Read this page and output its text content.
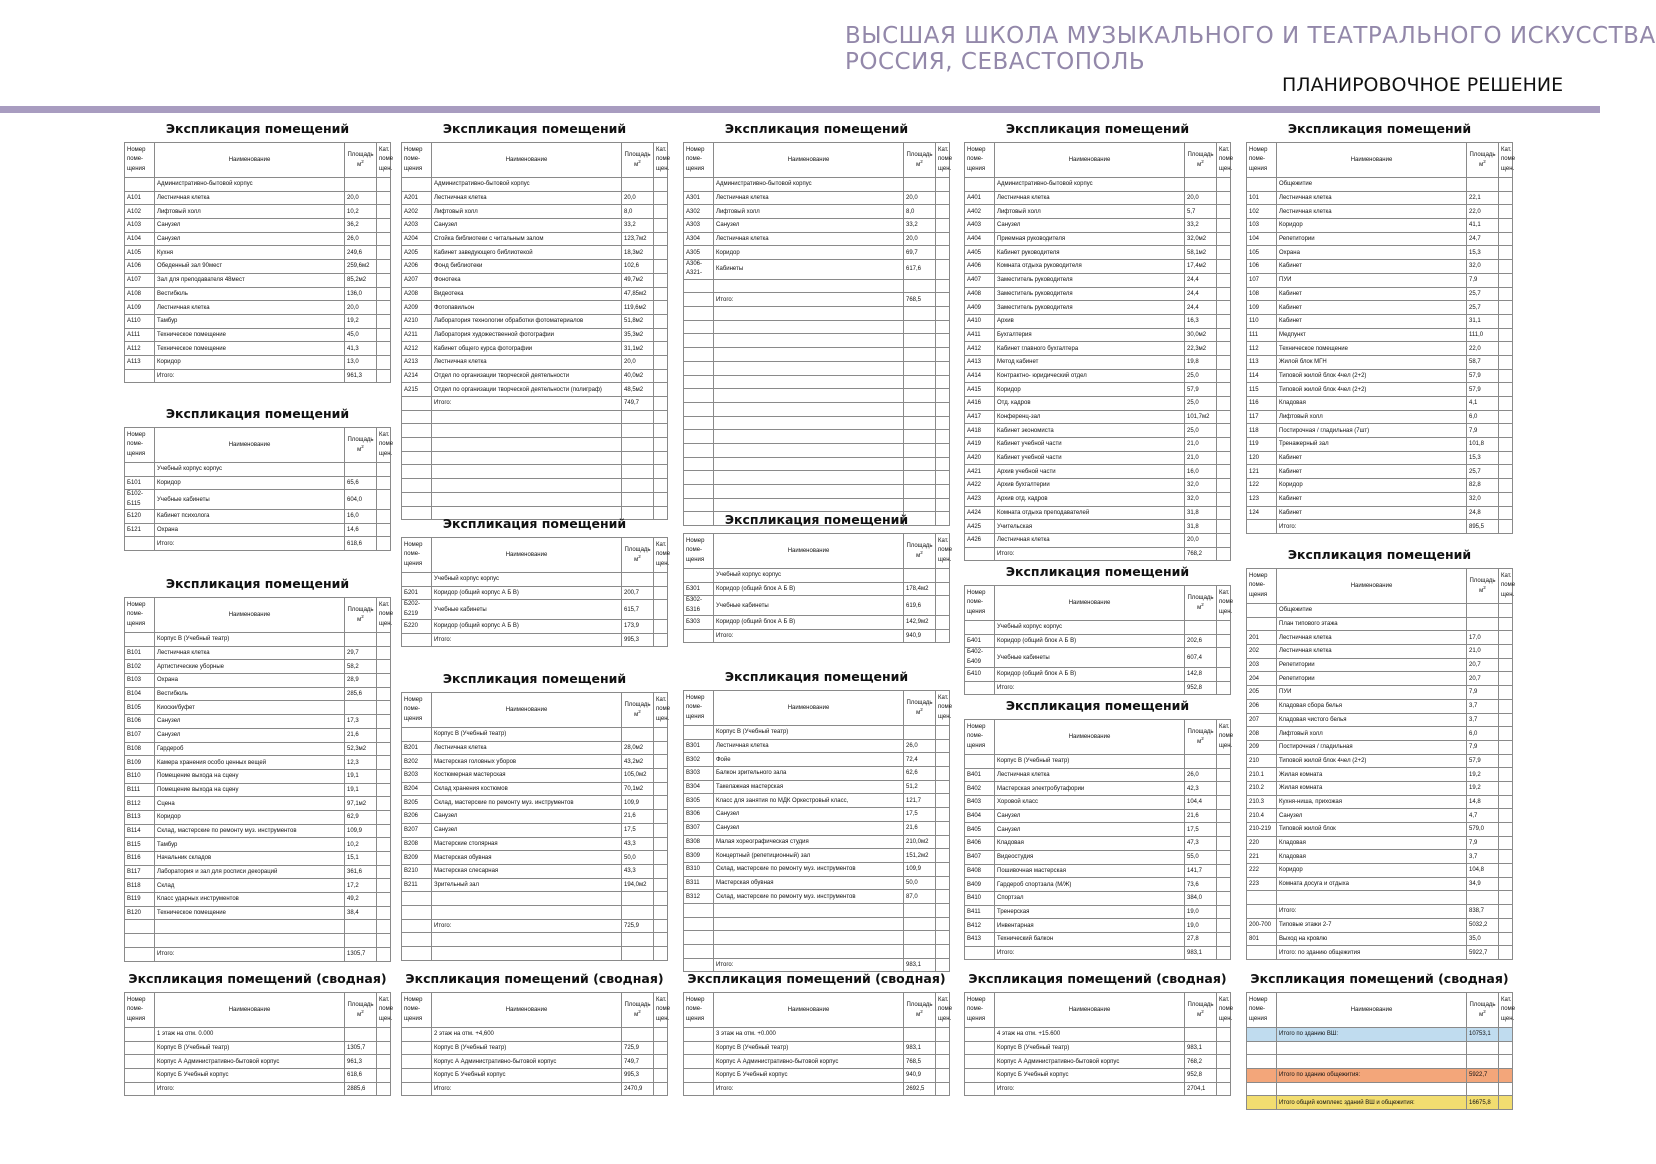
ВЫСШАЯ ШКОЛА МУЗЫКАЛЬНОГО И ТЕАТРАЛЬНОГО ИСКУССТВА
РОССИЯ, СЕВАСТОПОЛЬ
ПЛАНИРОВОЧНОЕ РЕШЕНИЕ
Экспликация помещений
Номер поме- щения	Наименование	Площадь $м^2$	Кат. поме щен.
	Административно-бытовой корпус		
А101	Лестничная клетка	20,0	
А102	Лифтовый холл	10,2	
А103	Санузел	36,2	
А104	Санузел	26,0	
А105	Кухня	249,6	
А106	Обеденный зал 90мест	259,6м2	
А107	Зал для преподавателя 48мест	85,2м2	
А108	Вестибюль	136,0	
А109	Лестничная клетка	20,0	
А110	Тамбур	19,2	
А111	Техническое помещение	45,0	
А112	Техническое помещение	41,3	
А113	Коридор	13,0	
	Итого:	961,3	
Экспликация помещений
Номер поме- щения	Наименование	Площадь $м^2$	Кат. поме щен.
	Учебный корпус корпус		
Б101	Коридор	65,6	
Б102- Б115	Учебные кабинеты	604,0	
Б120	Кабинет психолога	16,0	
Б121	Охрана	14,6	
	Итого:	618,6	
Экспликация помещений
Номер поме- щения	Наименование	Площадь $м^2$	Кат. поме щен.
	Корпус В (Учебный театр)		
В101	Лестничная клетка	29,7	
В102	Артистические уборные	58,2	
В103	Охрана	28,9	
В104	Вестибюль	285,6	
В105	Киоски/буфет		
В106	Санузел	17,3	
В107	Санузел	21,6	
В108	Гардероб	52,3м2	
В109	Камера хранения особо ценных вещей	12,3	
В110	Помещение выхода на сцену	19,1	
В111	Помещение выхода на сцену	19,1	
В112	Сцена	97,1м2	
В113	Коридор	62,9	
В114	Склад, мастерские по ремонту муз. инструментов	109,9	
В115	Тамбур	10,2	
В116	Начальник складов	15,1	
В117	Лаборатория и зал для росписи декораций	361,6	
В118	Склад	17,2	
В119	Класс ударных инструментов	49,2	
В120	Техническое помещение	38,4	

	Итого:	1305,7	
Экспликация помещений
Номер поме- щения	Наименование	Площадь $м^2$	Кат. поме щен.
	Административно-бытовой корпус		
А201	Лестничная клетка	20,0	
А202	Лифтовый холл	8,0	
А203	Санузел	33,2	
А204	Стойка библиотеки с читальным залом	123,7м2	
А205	Кабинет заведующего библиотекой	18,3м2	
А206	Фонд библиотеки	102,6	
А207	Фонотека	49,7м2	
А208	Видеотека	47,85м2	
А209	Фотопавильон	119,6м2	
А210	Лаборатория технологии обработки фотоматериалов	51,8м2	
А211	Лаборатория художественной фотографии	35,3м2	
А212	Кабинет общего курса фотографии	31,1м2	
А213	Лестничная клетка	20,0	
А214	Отдел по организации творческой деятельности	40,0м2	
А215	Отдел по организации творческой деятельности (полиграф)	48,5м2	
	Итого:	749,7	

Экспликация помещений
Номер поме- щения	Наименование	Площадь $м^2$	Кат. поме щен.
	Учебный корпус корпус		
Б201	Коридор (общий корпус А Б В)	200,7	
Б202- Б219	Учебные кабинеты	615,7	
Б220	Коридор (общий корпус А Б В)	173,9	
	Итого:	995,3	
Экспликация помещений
Номер поме- щения	Наименование	Площадь $м^2$	Кат. поме щен.
	Корпус В (Учебный театр)		
В201	Лестничная клетка	28,0м2	
В202	Мастерская головных уборов	43,2м2	
В203	Костюмерная мастерская	105,0м2	
В204	Склад хранения костюмов	70,1м2	
В205	Склад, мастерские по ремонту муз. инструментов	109,9	
В206	Санузел	21,6	
В207	Санузел	17,5	
В208	Мастерские столярная	43,3	
В209	Мастерская обувная	50,0	
В210	Мастерская слесарная	43,3	
В211	Зрительный зал	194,0м2	

	Итого:	725,9	

Экспликация помещений
Номер поме- щения	Наименование	Площадь $м^2$	Кат. поме щен.
	Административно-бытовой корпус		
А301	Лестничная клетка	20,0	
А302	Лифтовый холл	8,0	
А303	Санузел	33,2	
А304	Лестничная клетка	20,0	
А305	Коридор	69,7	
А306- А321-	Кабинеты	617,6	

	Итого:	768,5	

Экспликация помещений
Номер поме- щения	Наименование	Площадь $м^2$	Кат. поме щен.
	Учебный корпус корпус		
Б301	Коридор (общий блок А Б В)	178,4м2	
Б302- Б316	Учебные кабинеты	619,6	
Б303	Коридор (общий блок А Б В)	142,9м2	
	Итого:	940,9	
Экспликация помещений
Номер поме- щения	Наименование	Площадь $м^2$	Кат. поме щен.
	Корпус В (Учебный театр)		
В301	Лестничная клетка	26,0	
В302	Фойе	72,4	
В303	Балкон зрительного зала	62,6	
В304	Такелажная мастерская	51,2	
В305	Класс для занятия по МДК Оркестровый класс,	121,7	
В306	Санузел	17,5	
В307	Санузел	21,6	
В308	Малая хореографическая студия	210,0м2	
В309	Концертный (репетиционный) зал	151,2м2	
В310	Склад, мастерские по ремонту муз. инструментов	109,9	
В311	Мастерская обувная	50,0	
В312	Склад, мастерские по ремонту муз. инструментов	87,0	

	Итого:	983,1	
Экспликация помещений
Номер поме- щения	Наименование	Площадь $м^2$	Кат. поме щен.
	Административно-бытовой корпус		
А401	Лестничная клетка	20,0	
А402	Лифтовый холл	5,7	
А403	Санузел	33,2	
А404	Приемная руководителя	32,0м2	
А405	Кабинет руководителя	58,1м2	
А406	Комната отдыха руководителя	17,4м2	
А407	Заместитель руководителя	24,4	
А408	Заместитель руководителя	24,4	
А409	Заместитель руководителя	24,4	
А410	Архив	16,3	
А411	Бухгалтерия	30,0м2	
А412	Кабинет главного бухгалтера	22,3м2	
А413	Метод кабинет	19,8	
А414	Контрактно- юридический отдел	25,0	
А415	Коридор	57,9	
А416	Отд. кадров	25,0	
А417	Конференц-зал	101,7м2	
А418	Кабинет экономиста	25,0	
А419	Кабинет учебной части	21,0	
А420	Кабинет учебной части	21,0	
А421	Архив учебной части	16,0	
А422	Архив бухгалтерии	32,0	
А423	Архив отд. кадров	32,0	
А424	Комната отдыха преподавателей	31,8	
А425	Учительская	31,8	
А426	Лестничная клетка	20,0	
	Итого:	768,2	
Экспликация помещений
Номер поме- щения	Наименование	Площадь $м^2$	Кат. поме щен.
	Учебный корпус корпус		
Б401	Коридор (общий блок А Б В)	202,6	
Б402- Б409	Учебные кабинеты	607,4	
Б410	Коридор (общий блок А Б В)	142,8	
	Итого:	952,8	
Экспликация помещений
Номер поме- щения	Наименование	Площадь $м^2$	Кат. поме щен.
	Корпус В (Учебный театр)		
В401	Лестничная клетка	26,0	
В402	Мастерская электробутафории	42,3	
В403	Хоровой класс	104,4	
В404	Санузел	21,6	
В405	Санузел	17,5	
В406	Кладовая	47,3	
В407	Видеостудия	55,0	
В408	Пошивочная мастерская	141,7	
В409	Гардероб спортзала (М/Ж)	73,6	
В410	Спортзал	384,0	
В411	Тренерская	19,0	
В412	Инвентарная	19,0	
В413	Технический балкон	27,8	
	Итого:	983,1	
Экспликация помещений
Номер поме- щения	Наименование	Площадь $м^2$	Кат. поме щен.
	Общежитие		
101	Лестничная клетка	22,1	
102	Лестничная клетка	22,0	
103	Коридор	41,1	
104	Репетитории	24,7	
105	Охрана	15,3	
106	Кабинет	32,0	
107	ПУИ	7,9	
108	Кабинет	25,7	
109	Кабинет	25,7	
110	Кабинет	31,1	
111	Медпункт	111,0	
112	Техническое помещение	22,0	
113	Жилой блок МГН	58,7	
114	Типовой жилой блок 4чел (2+2)	57,9	
115	Типовой жилой блок 4чел (2+2)	57,9	
116	Кладовая	4,1	
117	Лифтовый холл	6,0	
118	Постирочная / гладильная (7шт)	7,9	
119	Тренажерный зал	101,8	
120	Кабинет	15,3	
121	Кабинет	25,7	
122	Коридор	82,8	
123	Кабинет	32,0	
124	Кабинет	24,8	
	Итого:	895,5	
Экспликация помещений
Номер поме- щения	Наименование	Площадь $м^2$	Кат. поме щен.
	Общежитие		
	План типового этажа		
201	Лестничная клетка	17,0	
202	Лестничная клетка	21,0	
203	Репетитории	20,7	
204	Репетитории	20,7	
205	ПУИ	7,9	
206	Кладовая сбора белья	3,7	
207	Кладовая чистого белья	3,7	
208	Лифтовый холл	6,0	
209	Постирочная / гладильная	7,9	
210	Типовой жилой блок 4чел (2+2)	57,9	
210.1	Жилая комната	19,2	
210.2	Жилая комната	19,2	
210.3	Кухня-ниша, прихожая	14,8	
210.4	Санузел	4,7	
210-219	Типовой жилой блок	579,0	
220	Кладовая	7,9	
221	Кладовая	3,7	
222	Коридор	104,8	
223	Комната досуга и отдыха	34,9	

	Итого:	838,7	
200-700	Типовые этажи 2-7	5032,2	
801	Выход на кровлю	35,0	
	Итого: по зданию общежития	5922,7	
Экспликация помещений (сводная)
Номер поме- щения	Наименование	Площадь $м^2$	Кат. поме щен.
	1 этаж на отм. 0.000		
	Корпус В (Учебный театр)	1305,7	
	Корпус А Административно-бытовой корпус	961,3	
	Корпус Б Учебный корпус	618,6	
	Итого:	2885,6	
Экспликация помещений (сводная)
Номер поме- щения	Наименование	Площадь $м^2$	Кат. поме щен.
	2 этаж на отм. +4,600		
	Корпус В (Учебный театр)	725,9	
	Корпус А Административно-бытовой корпус	749,7	
	Корпус Б Учебный корпус	995,3	
	Итого:	2470,9	
Экспликация помещений (сводная)
Номер поме- щения	Наименование	Площадь $м^2$	Кат. поме щен.
	3 этаж на отм. +0.000		
	Корпус В (Учебный театр)	983,1	
	Корпус А Административно-бытовой корпус	768,5	
	Корпус Б Учебный корпус	940,9	
	Итого:	2692,5	
Экспликация помещений (сводная)
Номер поме- щения	Наименование	Площадь $м^2$	Кат. поме щен.
	4 этаж на отм. +15.600		
	Корпус В (Учебный театр)	983,1	
	Корпус А Административно-бытовой корпус	768,2	
	Корпус Б Учебный корпус	952,8	
	Итого:	2704,1	
Экспликация помещений (сводная)
Номер поме- щения	Наименование	Площадь $м^2$	Кат. поме щен.
	Итого по зданию ВШ:	10753,1	

	Итого по зданию общежития:	5922,7	

	Итого общий комплекс зданий ВШ и общежития:	16675,8	
